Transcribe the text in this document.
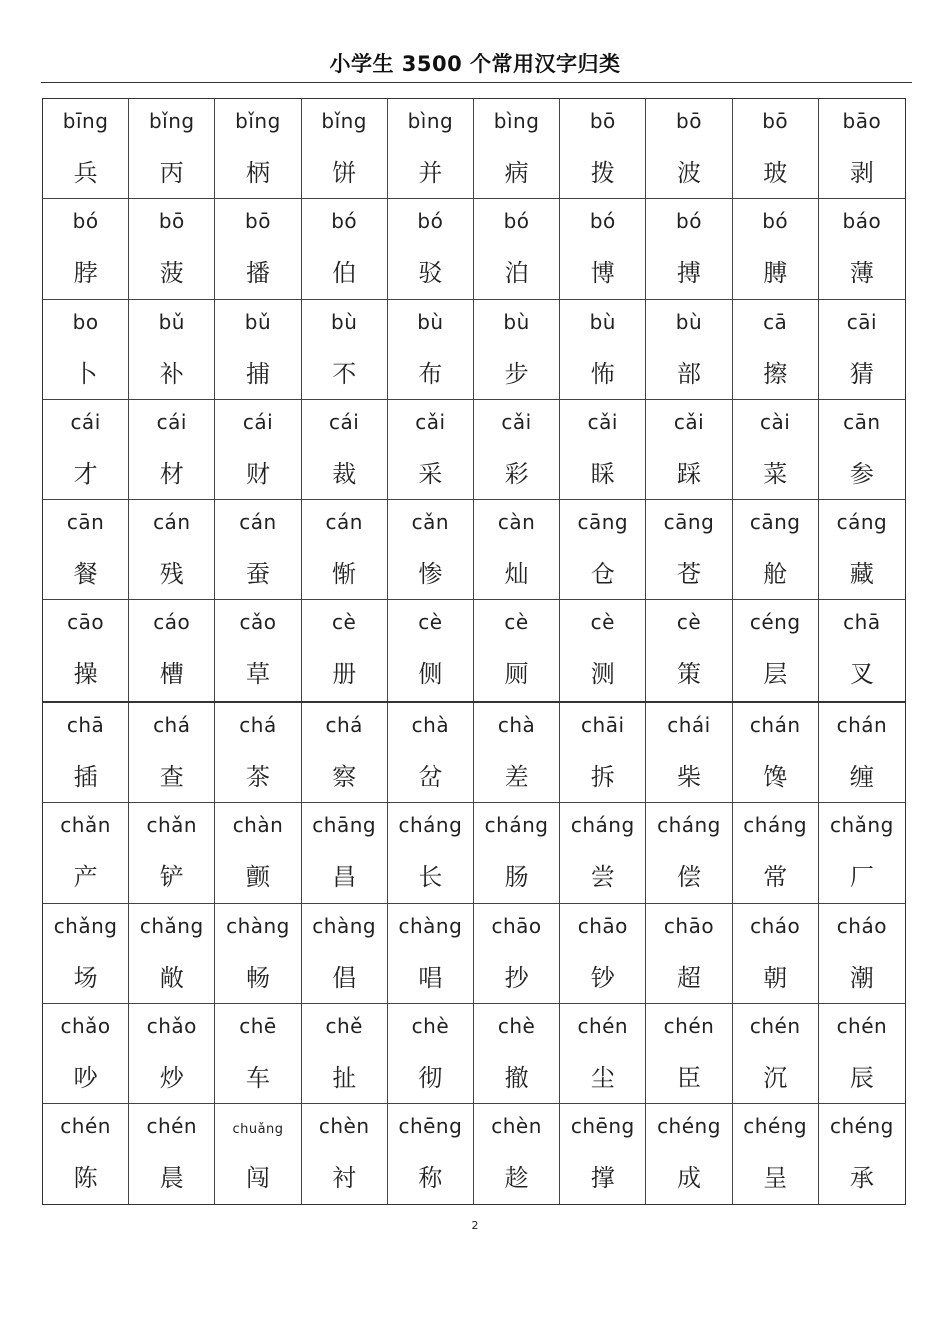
小学生 3500 个常用汉字归类
bīng
兵
bǐng
丙
bǐng
柄
bǐng
饼
bìng
并
bìng
病
bō
拨
bō
波
bō
玻
bāo
剥
bó
脖
bō
菠
bō
播
bó
伯
bó
驳
bó
泊
bó
博
bó
搏
bó
膊
báo
薄
bo
卜
bǔ
补
bǔ
捕
bù
不
bù
布
bù
步
bù
怖
bù
部
cā
擦
cāi
猜
cái
才
cái
材
cái
财
cái
裁
cǎi
采
cǎi
彩
cǎi
睬
cǎi
踩
cài
菜
cān
参
cān
餐
cán
残
cán
蚕
cán
惭
cǎn
惨
càn
灿
cāng
仓
cāng
苍
cāng
舱
cáng
藏
cāo
操
cáo
槽
cǎo
草
cè
册
cè
侧
cè
厕
cè
测
cè
策
céng
层
chā
叉
chā
插
chá
查
chá
茶
chá
察
chà
岔
chà
差
chāi
拆
chái
柴
chán
馋
chán
缠
chǎn
产
chǎn
铲
chàn
颤
chāng
昌
cháng
长
cháng
肠
cháng
尝
cháng
偿
cháng
常
chǎng
厂
chǎng
场
chǎng
敞
chàng
畅
chàng
倡
chàng
唱
chāo
抄
chāo
钞
chāo
超
cháo
朝
cháo
潮
chǎo
吵
chǎo
炒
chē
车
chě
扯
chè
彻
chè
撤
chén
尘
chén
臣
chén
沉
chén
辰
chén
陈
chén
晨
chuǎng
闯
chèn
衬
chēng
称
chèn
趁
chēng
撑
chéng
成
chéng
呈
chéng
承
2
